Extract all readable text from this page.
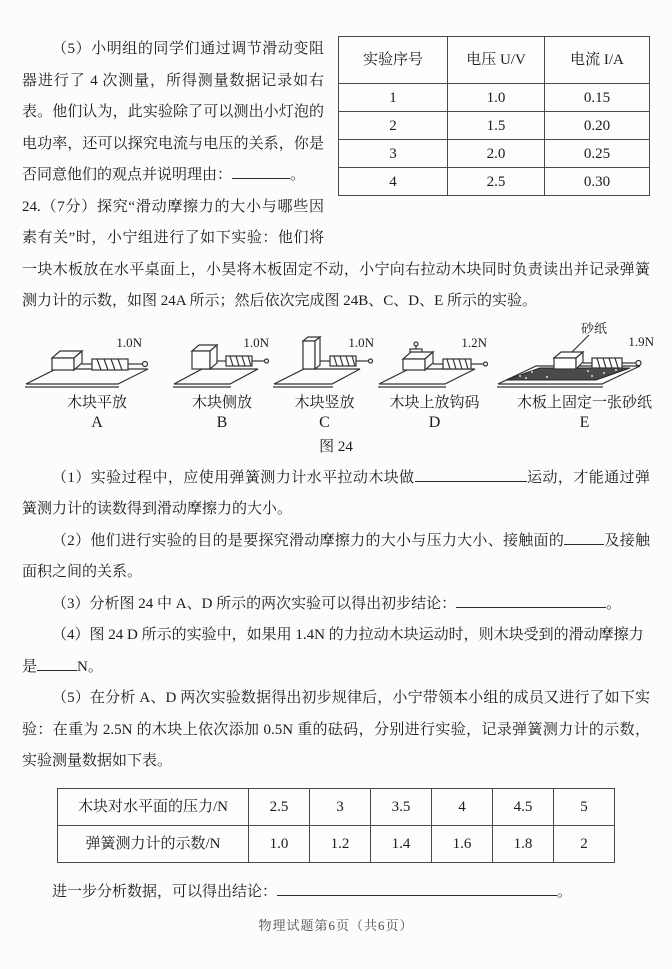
实验序号	电压 U/V	电流 I/A
1	1.0	0.15
2	1.5	0.20
3	2.0	0.25
4	2.5	0.30

（5）小明组的同学们通过调节滑动变阻器进行了 4 次测量，所得测量数据记录如右表。他们认为，此实验除了可以测出小灯泡的电功率，还可以探究电流与电压的关系，你是否同意他们的观点并说明理由：	。

24.（7分）探究“滑动摩擦力的大小与哪些因素有关”时，小宁组进行了如下实验：他们将一块木板放在水平桌面上，小昊将木板固定不动，小宁向右拉动木块同时负责读出并记录弹簧测力计的示数，如图 24A 所示；然后依次完成图 24B、C、D、E 所示的实验。

1.0N
木块平放
A
1.0N
木块侧放
B
1.0N
木块竖放
C
1.2N
木块上放钩码
D
砂纸
1.9N
木板上固定一张砂纸
E
图 24

（1）实验过程中，应使用弹簧测力计水平拉动木块做	运动，才能通过弹簧测力计的读数得到滑动摩擦力的大小。

（2）他们进行实验的目的是要探究滑动摩擦力的大小与压力大小、接触面的	及接触面积之间的关系。

（3）分析图 24 中 A、D 所示的两次实验可以得出初步结论：	。

（4）图 24 D 所示的实验中，如果用 1.4N 的力拉动木块运动时，则木块受到的滑动摩擦力

是	N。

（5）在分析 A、D 两次实验数据得出初步规律后，小宁带领本小组的成员又进行了如下实验：在重为 2.5N 的木块上依次添加 0.5N 重的砝码，分别进行实验，记录弹簧测力计的示数，实验测量数据如下表。

木块对水平面的压力/N	2.5	3	3.5	4	4.5	5
弹簧测力计的示数/N	1.0	1.2	1.4	1.6	1.8	2

进一步分析数据，可以得出结论：	。

物理试题第6页（共6页）
